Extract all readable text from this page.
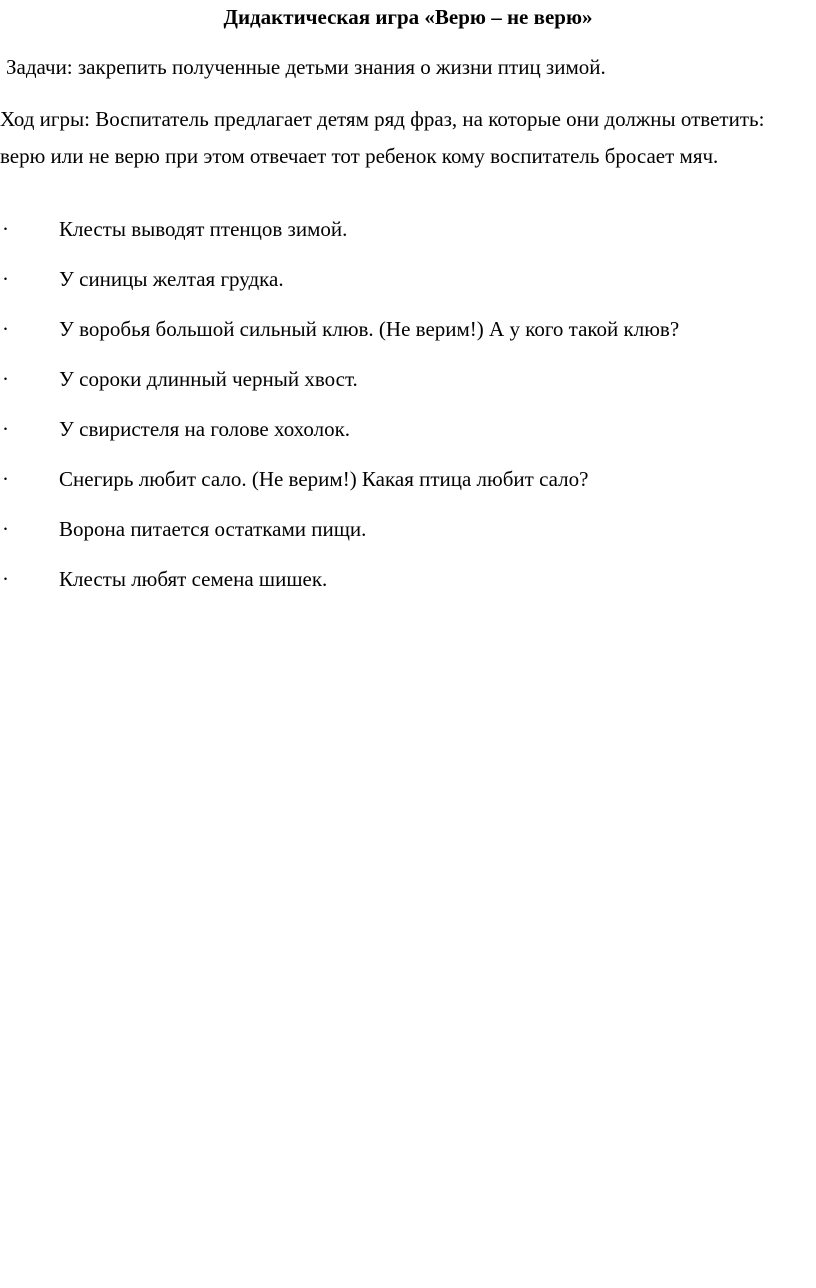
Дидактическая игра «Верю – не верю»
Задачи: закрепить полученные детьми знания о жизни птиц зимой.
Ход игры: Воспитатель предлагает детям ряд фраз, на которые они должны ответить: верю или не верю при этом отвечает тот ребенок кому воспитатель бросает мяч.
· Клесты выводят птенцов зимой.
· У синицы желтая грудка.
· У воробья большой сильный клюв. (Не верим!) А у кого такой клюв?
· У сороки длинный черный хвост.
· У свиристеля на голове хохолок.
· Снегирь любит сало. (Не верим!) Какая птица любит сало?
· Ворона питается остатками пищи.
· Клесты любят семена шишек.
